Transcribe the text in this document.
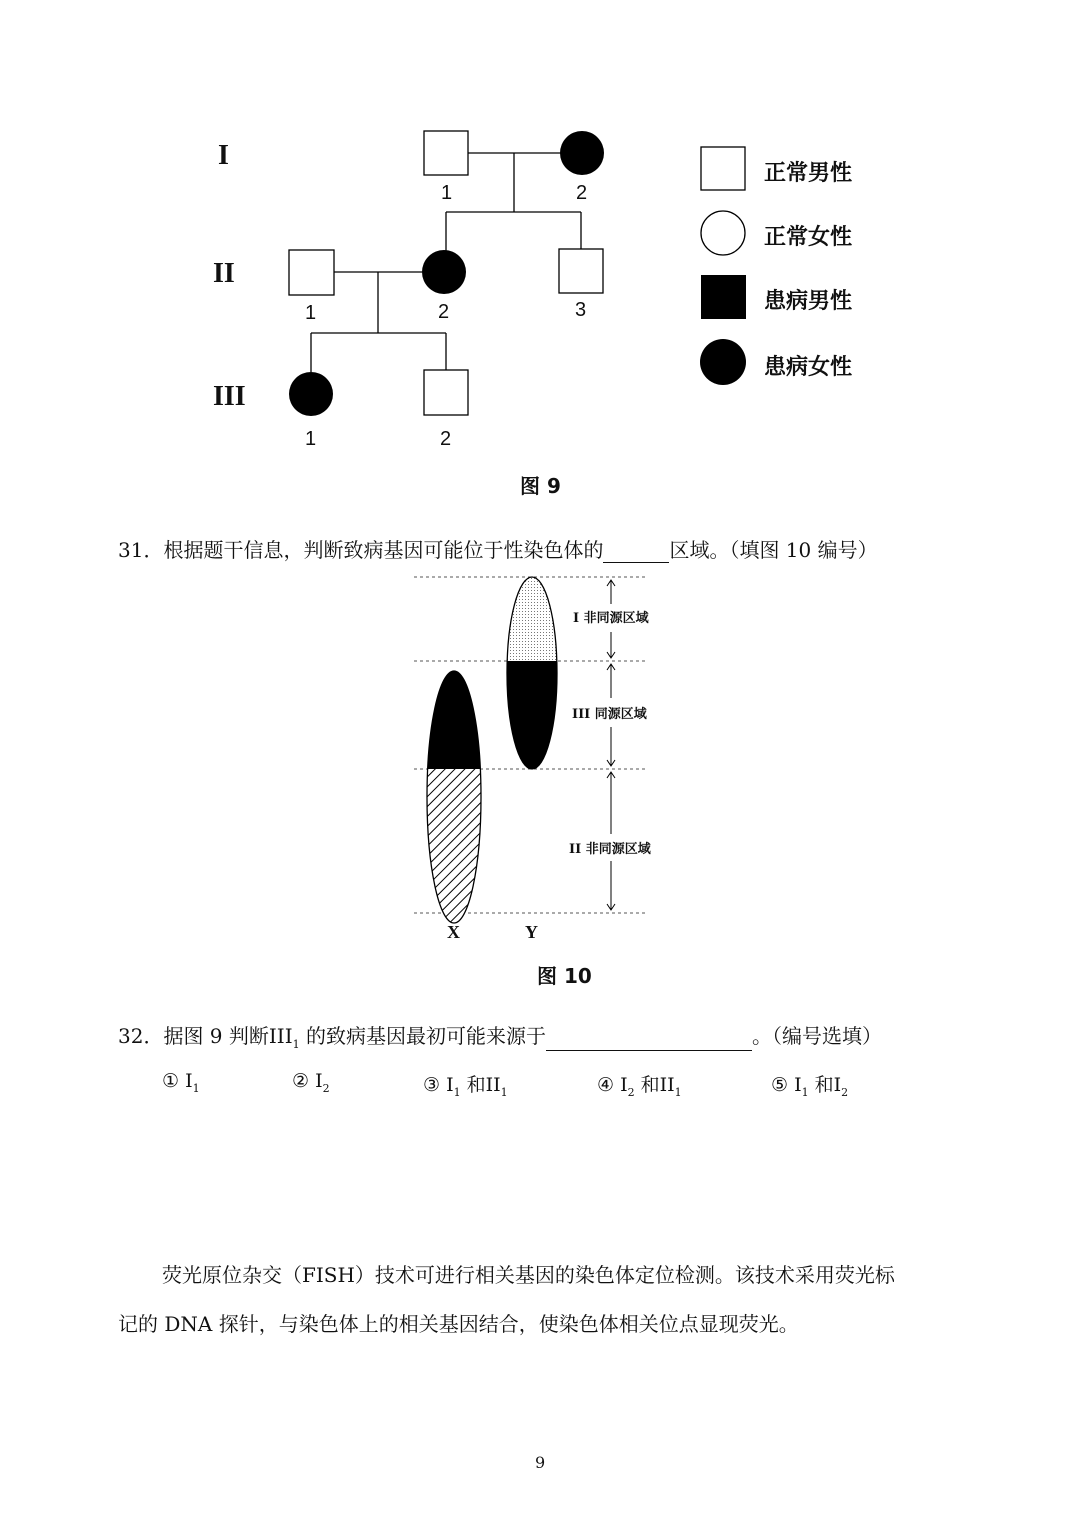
I
II
III
1	2
1	2	3
1	2
正常男性
正常女性
患病男性
患病女性
图 9
31．根据题干信息，判断致病基因可能位于性染色体的	区域。（填图 10 编号）
I 非同源区域
III 同源区域
II 非同源区域
X	Y
图 10
32．据图 9 判断$III_1$ 的致病基因最初可能来源于	。（编号选填）
① $I_1$	② $I_2$	③ $I_1$ 和$II_1$	④ $I_2$ 和$II_1$	⑤ $I_1$ 和$I_2$
荧光原位杂交（FISH）技术可进行相关基因的染色体定位检测。该技术采用荧光标
记的 DNA 探针，与染色体上的相关基因结合，使染色体相关位点显现荧光。
9
